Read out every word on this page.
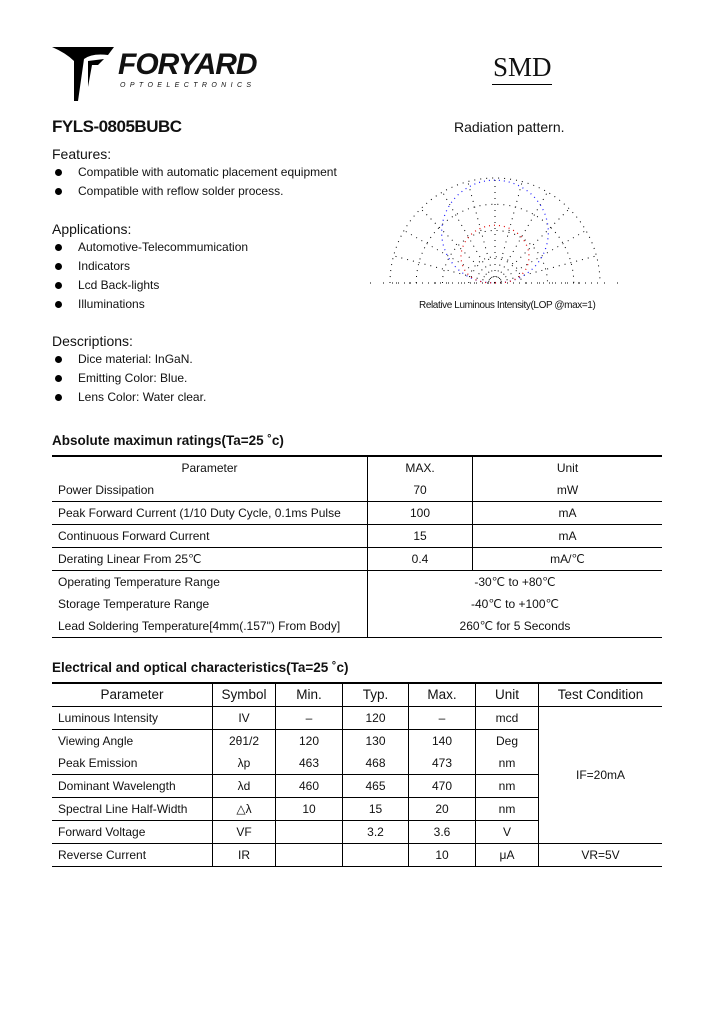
FORYARD
OPTOELECTRONICS
SMD
FYLS-0805BUBC	Radiation pattern.
Features:
Compatible with automatic placement equipment
Compatible with reflow solder process.
Applications:
Automotive-Telecommumication
Indicators
Lcd Back-lights
Illuminations
Descriptions:
Dice material: InGaN.
Emitting Color: Blue.
Lens Color: Water clear.
Relative Luminous Intensity(LOP @max=1)
Absolute maximun ratings(Ta=25 ˚c)
Parameter	MAX.	Unit
Power Dissipation	70	mW
Peak Forward Current (1/10 Duty Cycle, 0.1ms Pulse	100	mA
Continuous Forward Current	15	mA
Derating Linear From 25℃	0.4	mA/℃
Operating Temperature Range	-30℃ to +80℃	
Storage Temperature Range	-40℃ to +100℃	
Lead Soldering Temperature[4mm(.157") From Body]	260℃ for 5 Seconds	
Electrical and optical characteristics(Ta=25 ˚c)
Parameter	Symbol	Min.	Typ.	Max.	Unit	Test Condition
Luminous Intensity	IV	–	120	–	mcd	IF=20mA
Viewing Angle	2θ1/2	120	130	140	Deg	
Peak Emission	λp	463	468	473	nm	
Dominant Wavelength	λd	460	465	470	nm	
Spectral Line Half-Width	△λ	10	15	20	nm	
Forward Voltage	VF		3.2	3.6	V	
Reverse Current	IR			10	μA	VR=5V
